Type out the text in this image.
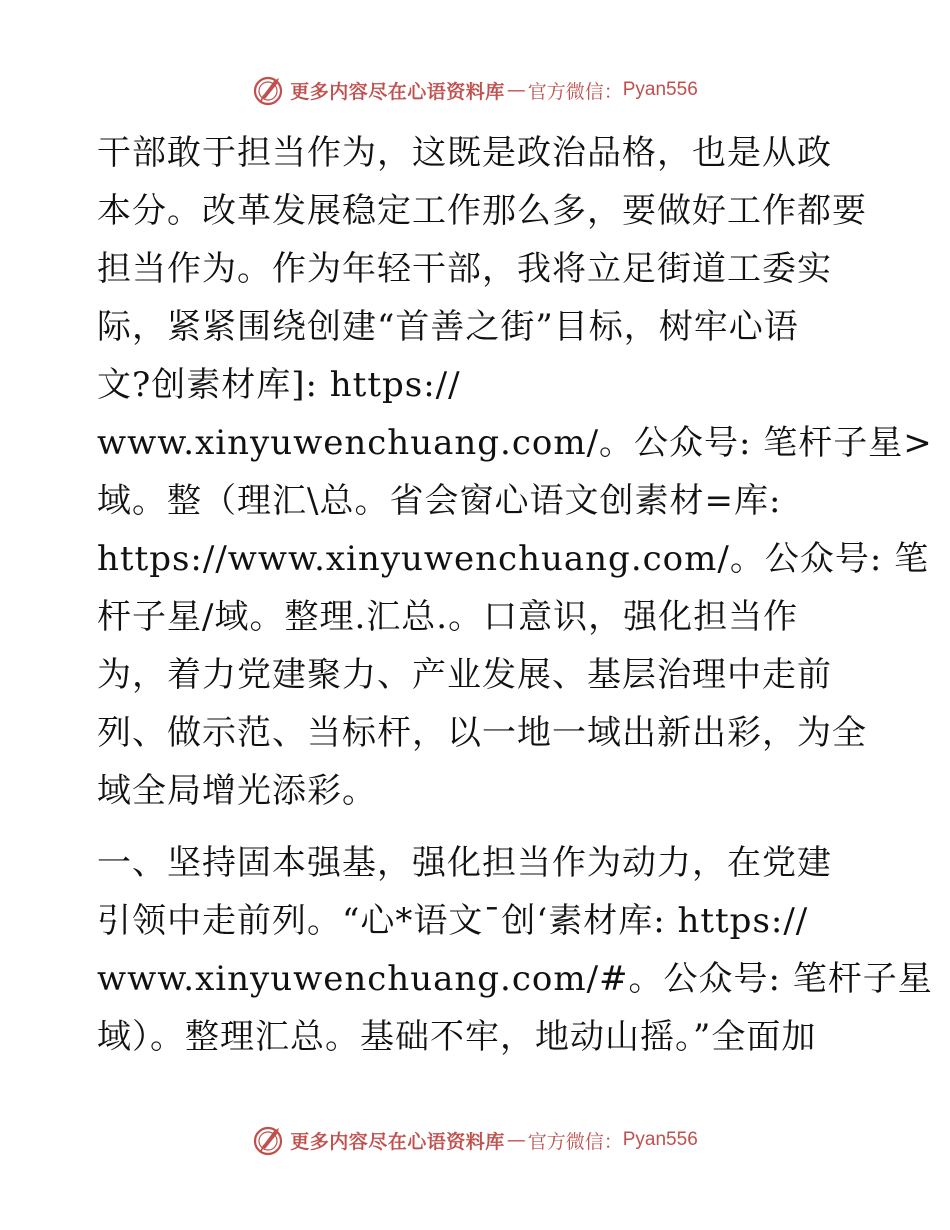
更多内容尽在心语资料库 — 官方微信： Pyan556

干部敢于担当作为，这既是政治品格，也是从政
本分。改革发展稳定工作那么多，要做好工作都要
担当作为。作为年轻干部，我将立足街道工委实
际，紧紧围绕创建“首善之街”目标，树牢心语
文?创素材库]: https://
www.xinyuwenchuang.com/。公众号: 笔杆子星>
域。整（理汇\总。省会窗心语文创素材=库:
https://www.xinyuwenchuang.com/。公众号: 笔
杆子星/域。整理.汇总.。口意识，强化担当作
为，着力党建聚力、产业发展、基层治理中走前
列、做示范、当标杆，以一地一域出新出彩，为全
域全局增光添彩。

一、坚持固本强基，强化担当作为动力，在党建
引领中走前列。“心*语文¯创‘素材库: https://
www.xinyuwenchuang.com/#。公众号: 笔杆子星
域）。整理汇总。基础不牢，地动山摇。”全面加

更多内容尽在心语资料库 — 官方微信： Pyan556
